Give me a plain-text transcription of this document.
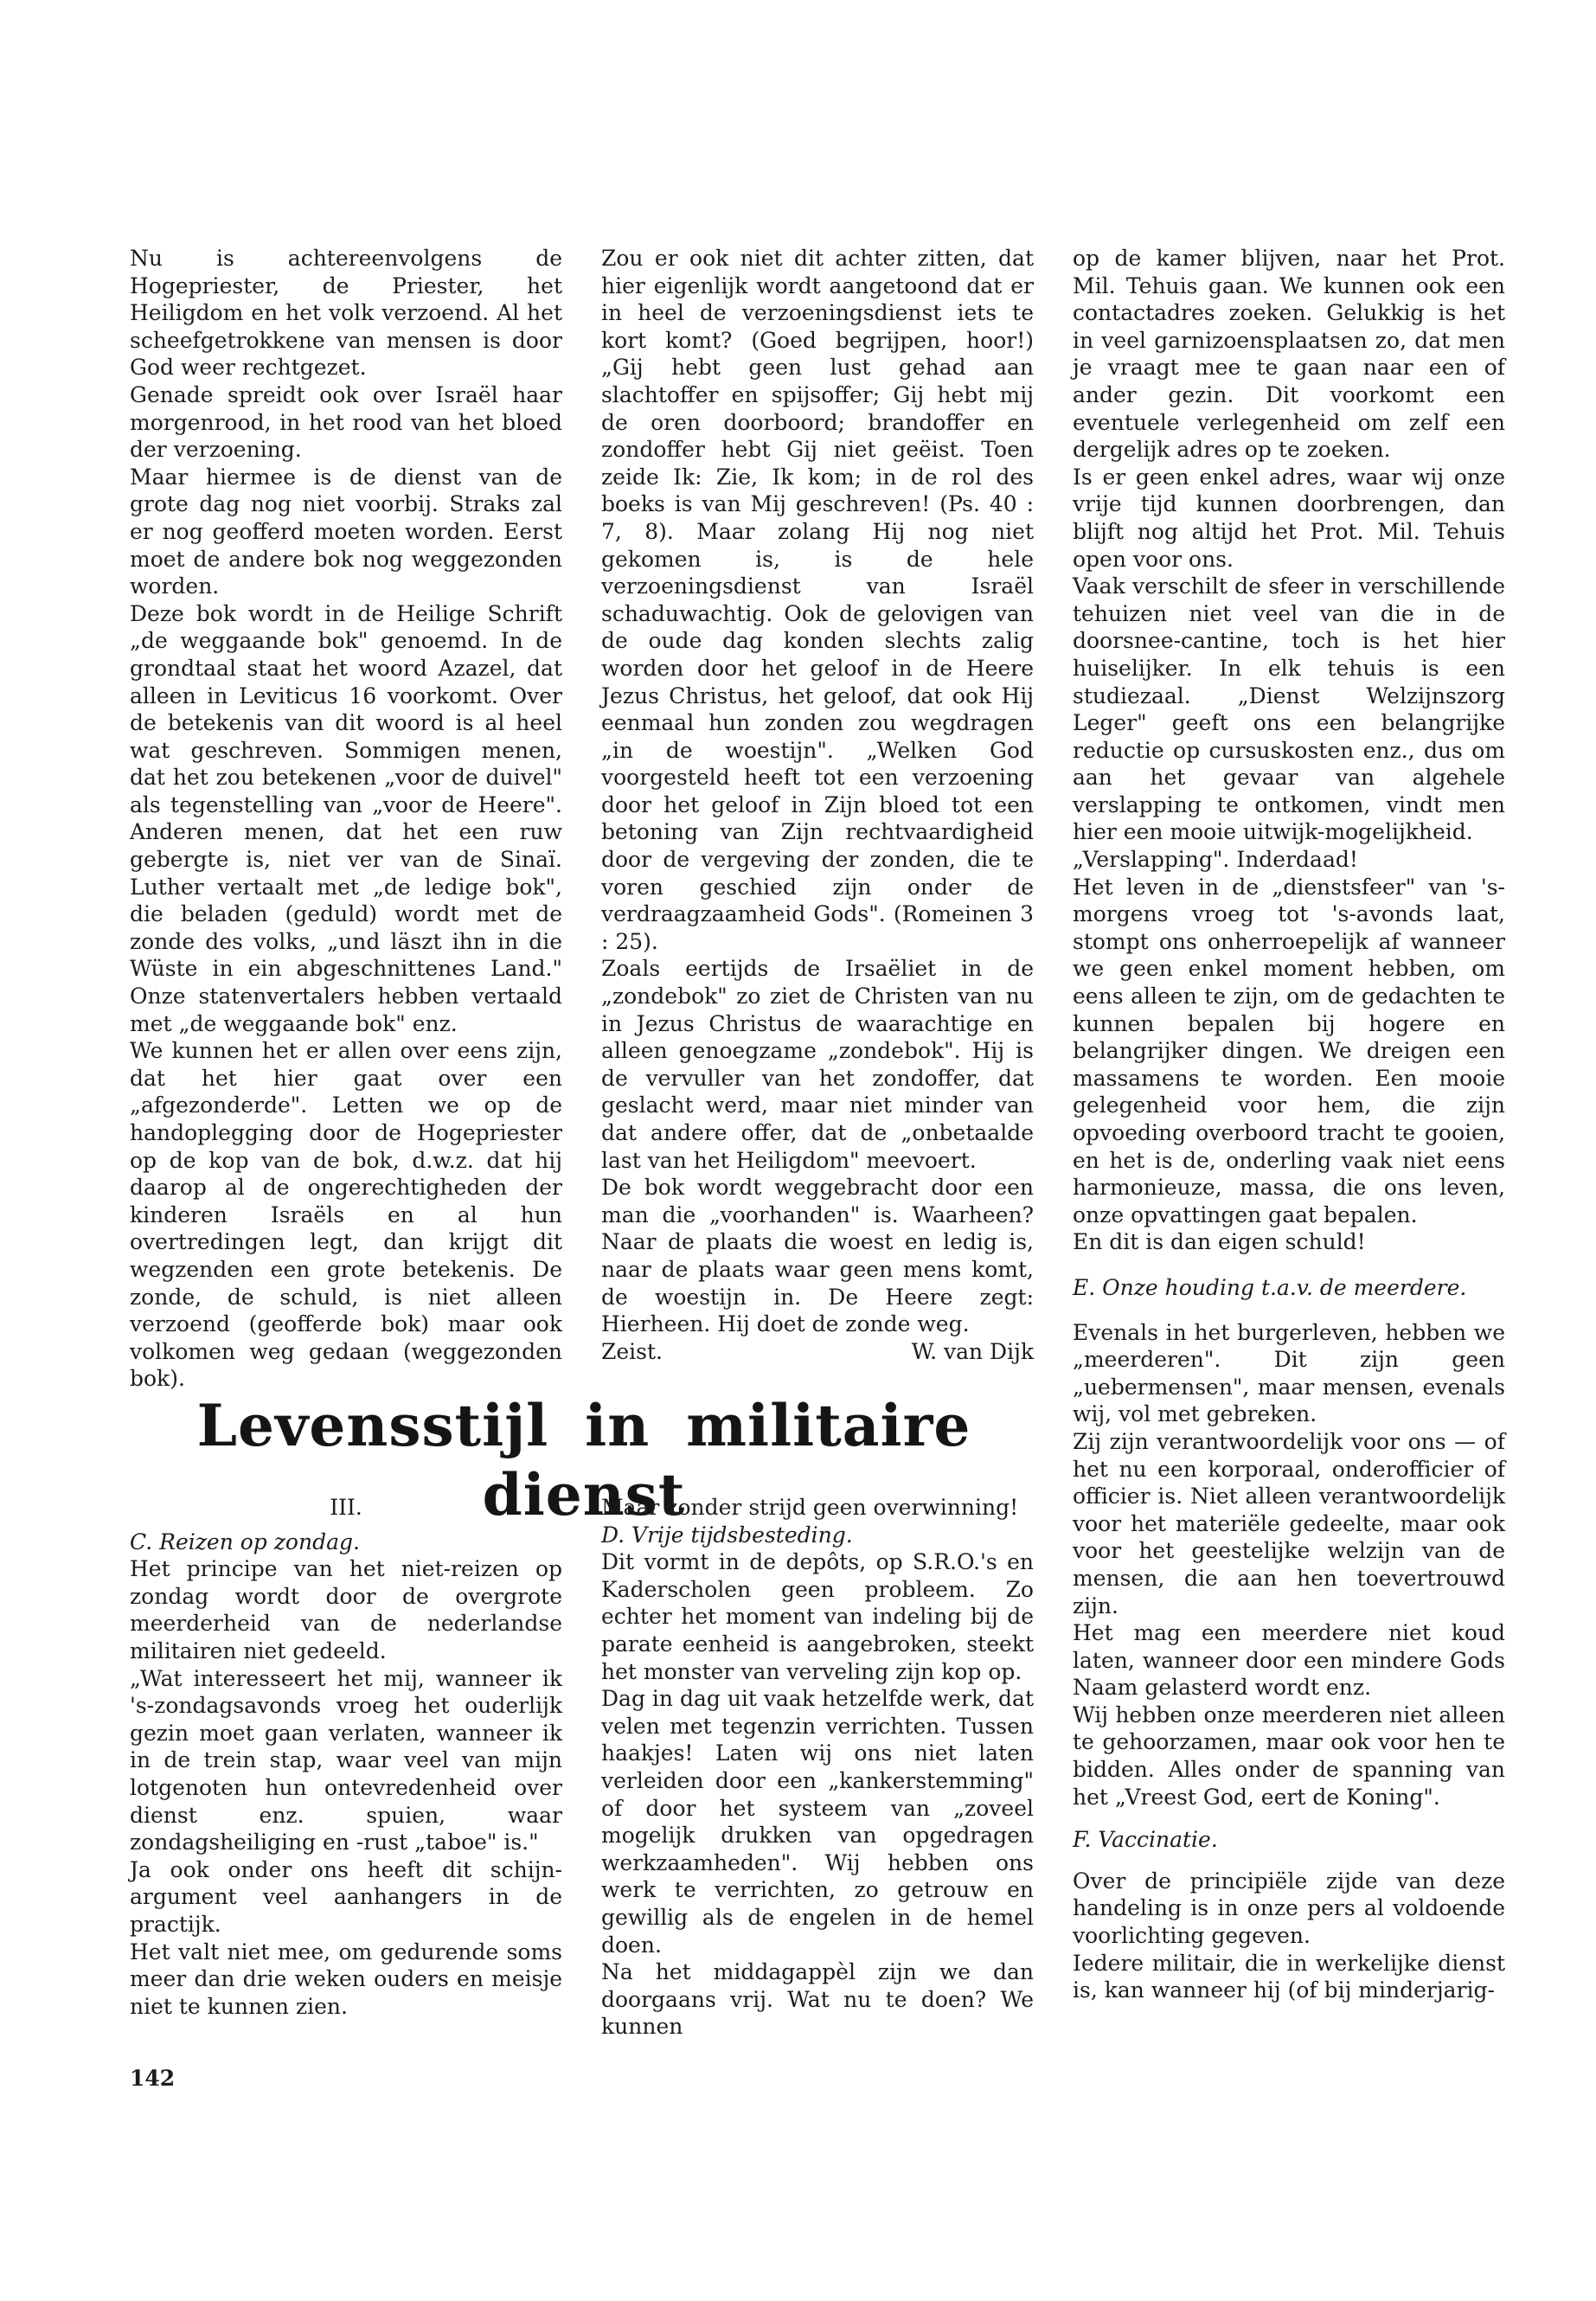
Nu is achtereenvolgens de Hogepriester, de Priester, het Heiligdom en het volk verzoend. Al het scheefgetrokkene van mensen is door God weer rechtgezet.

Genade spreidt ook over Israël haar morgenrood, in het rood van het bloed der verzoening.

Maar hiermee is de dienst van de grote dag nog niet voorbij. Straks zal er nog geofferd moeten worden. Eerst moet de andere bok nog weggezonden worden.

Deze bok wordt in de Heilige Schrift „de weggaande bok" genoemd. In de grondtaal staat het woord Azazel, dat alleen in Leviticus 16 voorkomt. Over de betekenis van dit woord is al heel wat geschreven. Sommigen menen, dat het zou betekenen „voor de duivel" als tegenstelling van „voor de Heere". Anderen menen, dat het een ruw gebergte is, niet ver van de Sinaï. Luther vertaalt met „de ledige bok", die beladen (geduld) wordt met de zonde des volks, „und läszt ihn in die Wüste in ein abgeschnittenes Land." Onze statenvertalers hebben vertaald met „de weggaande bok" enz.

We kunnen het er allen over eens zijn, dat het hier gaat over een „afgezonderde". Letten we op de handoplegging door de Hogepriester op de kop van de bok, d.w.z. dat hij daarop al de ongerechtigheden der kinderen Israëls en al hun overtredingen legt, dan krijgt dit wegzenden een grote betekenis. De zonde, de schuld, is niet alleen verzoend (geofferde bok) maar ook volkomen weg gedaan (weggezonden bok).

Zou er ook niet dit achter zitten, dat hier eigenlijk wordt aangetoond dat er in heel de verzoeningsdienst iets te kort komt? (Goed begrijpen, hoor!) „Gij hebt geen lust gehad aan slachtoffer en spijsoffer; Gij hebt mij de oren doorboord; brandoffer en zondoffer hebt Gij niet geëist. Toen zeide Ik: Zie, Ik kom; in de rol des boeks is van Mij geschreven! (Ps. 40 : 7, 8). Maar zolang Hij nog niet gekomen is, is de hele verzoeningsdienst van Israël schaduwachtig. Ook de gelovigen van de oude dag konden slechts zalig worden door het geloof in de Heere Jezus Christus, het geloof, dat ook Hij eenmaal hun zonden zou wegdragen „in de woestijn". „Welken God voorgesteld heeft tot een verzoening door het geloof in Zijn bloed tot een betoning van Zijn rechtvaardigheid door de vergeving der zonden, die te voren geschied zijn onder de verdraagzaamheid Gods". (Romeinen 3 : 25).

Zoals eertijds de Irsaëliet in de „zondebok" zo ziet de Christen van nu in Jezus Christus de waarachtige en alleen genoegzame „zondebok". Hij is de vervuller van het zondoffer, dat geslacht werd, maar niet minder van dat andere offer, dat de „onbetaalde last van het Heiligdom" meevoert.

De bok wordt weggebracht door een man die „voorhanden" is. Waarheen? Naar de plaats die woest en ledig is, naar de plaats waar geen mens komt, de woestijn in. De Heere zegt: Hierheen. Hij doet de zonde weg.

Zeist.	W. van Dijk

op de kamer blijven, naar het Prot. Mil. Tehuis gaan. We kunnen ook een contactadres zoeken. Gelukkig is het in veel garnizoensplaatsen zo, dat men je vraagt mee te gaan naar een of ander gezin. Dit voorkomt een eventuele verlegenheid om zelf een dergelijk adres op te zoeken.

Is er geen enkel adres, waar wij onze vrije tijd kunnen doorbrengen, dan blijft nog altijd het Prot. Mil. Tehuis open voor ons.

Vaak verschilt de sfeer in verschillende tehuizen niet veel van die in de doorsnee-cantine, toch is het hier huiselijker. In elk tehuis is een studiezaal. „Dienst Welzijnszorg Leger" geeft ons een belangrijke reductie op cursuskosten enz., dus om aan het gevaar van algehele verslapping te ontkomen, vindt men hier een mooie uitwijk-mogelijkheid.

„Verslapping". Inderdaad!

Het leven in de „dienstsfeer" van 's-morgens vroeg tot 's-avonds laat, stompt ons onherroepelijk af wanneer we geen enkel moment hebben, om eens alleen te zijn, om de gedachten te kunnen bepalen bij hogere en belangrijker dingen. We dreigen een massamens te worden. Een mooie gelegenheid voor hem, die zijn opvoeding overboord tracht te gooien, en het is de, onderling vaak niet eens harmonieuze, massa, die ons leven, onze opvattingen gaat bepalen.

En dit is dan eigen schuld!

E. Onze houding t.a.v. de meerdere.

Evenals in het burgerleven, hebben we „meerderen". Dit zijn geen „uebermensen", maar mensen, evenals wij, vol met gebreken.

Zij zijn verantwoordelijk voor ons — of het nu een korporaal, onderofficier of officier is. Niet alleen verantwoordelijk voor het materiële gedeelte, maar ook voor het geestelijke welzijn van de mensen, die aan hen toevertrouwd zijn.

Het mag een meerdere niet koud laten, wanneer door een mindere Gods Naam gelasterd wordt enz.

Wij hebben onze meerderen niet alleen te gehoorzamen, maar ook voor hen te bidden. Alles onder de spanning van het „Vreest God, eert de Koning".

F. Vaccinatie.

Over de principiële zijde van deze handeling is in onze pers al voldoende voorlichting gegeven.

Iedere militair, die in werkelijke dienst is, kan wanneer hij (of bij minderjarig-

Levensstijl in militaire dienst

III.

C. Reizen op zondag.

Het principe van het niet-reizen op zondag wordt door de overgrote meerderheid van de nederlandse militairen niet gedeeld.

„Wat interesseert het mij, wanneer ik 's-zondagsavonds vroeg het ouderlijk gezin moet gaan verlaten, wanneer ik in de trein stap, waar veel van mijn lotgenoten hun ontevredenheid over dienst enz. spuien, waar zondagsheiliging en -rust „taboe" is."

Ja ook onder ons heeft dit schijn-argument veel aanhangers in de practijk.

Het valt niet mee, om gedurende soms meer dan drie weken ouders en meisje niet te kunnen zien.

Maar zonder strijd geen overwinning!

D. Vrije tijdsbesteding.

Dit vormt in de depôts, op S.R.O.'s en Kaderscholen geen probleem. Zo echter het moment van indeling bij de parate eenheid is aangebroken, steekt het monster van verveling zijn kop op.

Dag in dag uit vaak hetzelfde werk, dat velen met tegenzin verrichten. Tussen haakjes! Laten wij ons niet laten verleiden door een „kankerstemming" of door het systeem van „zoveel mogelijk drukken van opgedragen werkzaamheden". Wij hebben ons werk te verrichten, zo getrouw en gewillig als de engelen in de hemel doen.

Na het middagappèl zijn we dan doorgaans vrij. Wat nu te doen? We kunnen

142
